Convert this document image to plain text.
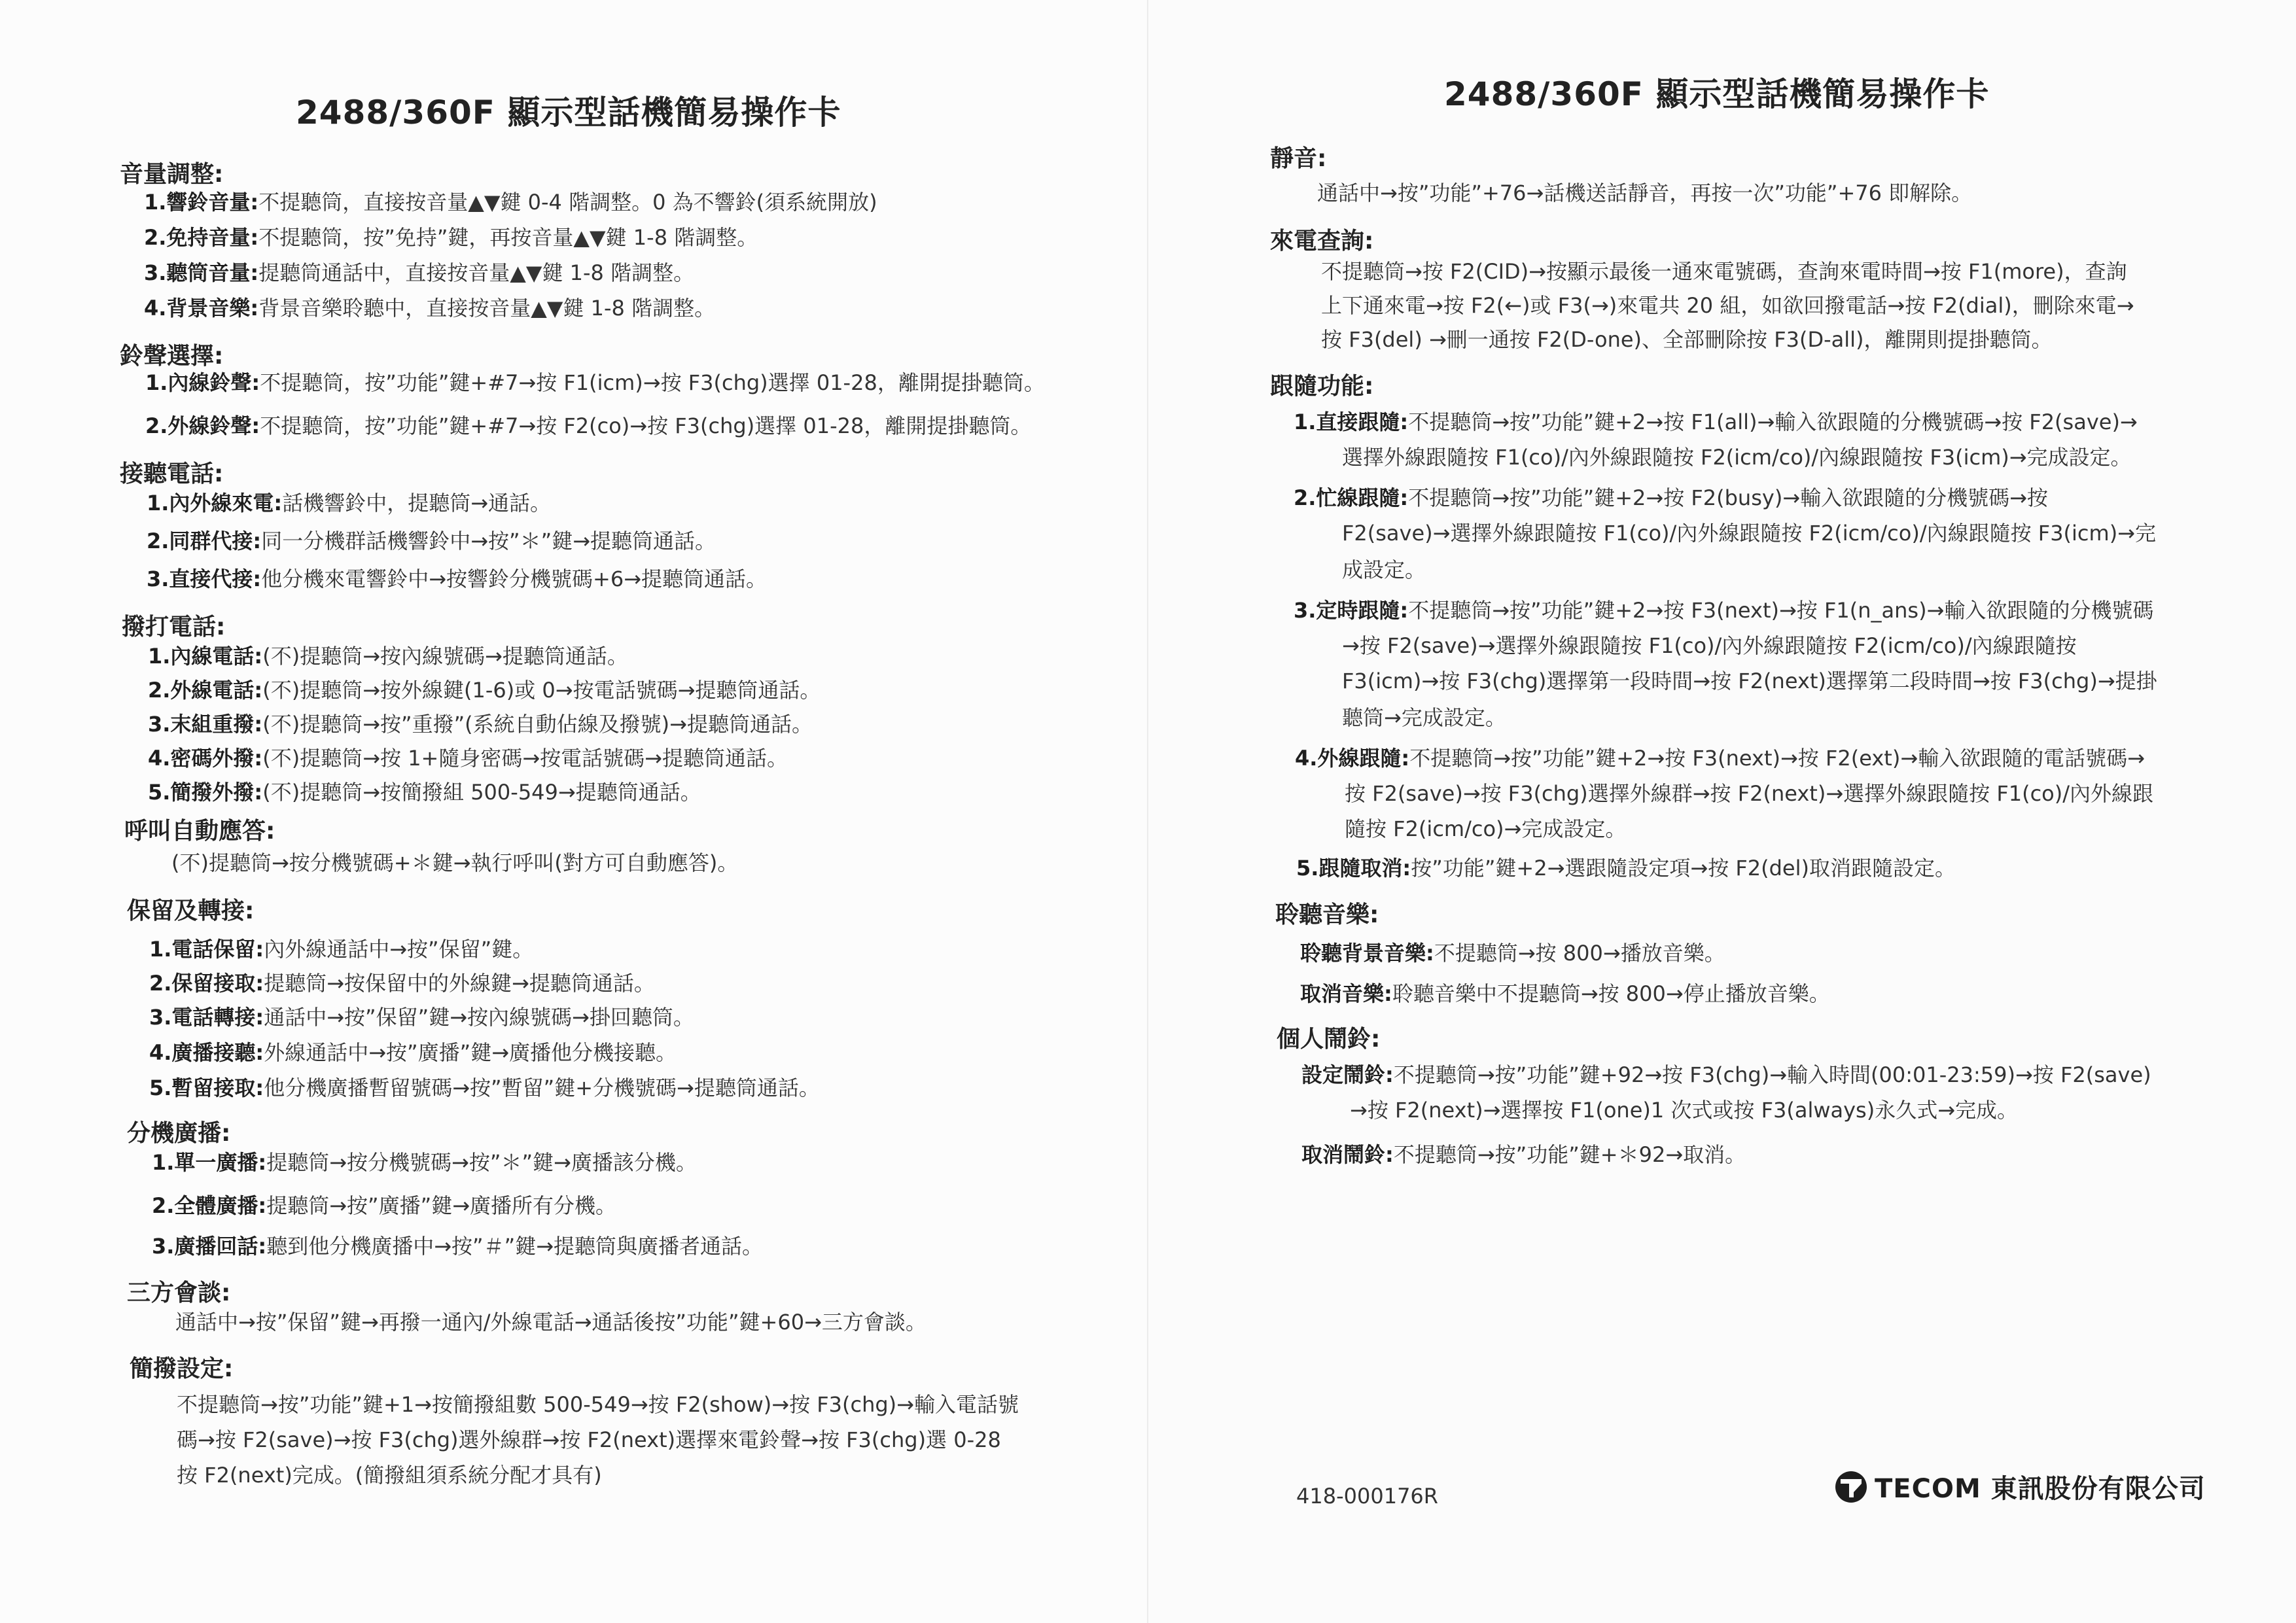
2488/360F 顯示型話機簡易操作卡
音量調整:
1.響鈴音量:不提聽筒，直接按音量▲▼鍵 0-4 階調整。0 為不響鈴(須系統開放)
2.免持音量:不提聽筒，按”免持”鍵，再按音量▲▼鍵 1-8 階調整。
3.聽筒音量:提聽筒通話中，直接按音量▲▼鍵 1-8 階調整。
4.背景音樂:背景音樂聆聽中，直接按音量▲▼鍵 1-8 階調整。
鈴聲選擇:
1.內線鈴聲:不提聽筒，按”功能”鍵+#7→按 F1(icm)→按 F3(chg)選擇 01-28，離開提掛聽筒。
2.外線鈴聲:不提聽筒，按”功能”鍵+#7→按 F2(co)→按 F3(chg)選擇 01-28，離開提掛聽筒。
接聽電話:
1.內外線來電:話機響鈴中，提聽筒→通話。
2.同群代接:同一分機群話機響鈴中→按”＊”鍵→提聽筒通話。
3.直接代接:他分機來電響鈴中→按響鈴分機號碼+6→提聽筒通話。
撥打電話:
1.內線電話:(不)提聽筒→按內線號碼→提聽筒通話。
2.外線電話:(不)提聽筒→按外線鍵(1-6)或 0→按電話號碼→提聽筒通話。
3.末組重撥:(不)提聽筒→按”重撥”(系統自動佔線及撥號)→提聽筒通話。
4.密碼外撥:(不)提聽筒→按 1+隨身密碼→按電話號碼→提聽筒通話。
5.簡撥外撥:(不)提聽筒→按簡撥組 500-549→提聽筒通話。
呼叫自動應答:
(不)提聽筒→按分機號碼+＊鍵→執行呼叫(對方可自動應答)。
保留及轉接:
1.電話保留:內外線通話中→按”保留”鍵。
2.保留接取:提聽筒→按保留中的外線鍵→提聽筒通話。
3.電話轉接:通話中→按”保留”鍵→按內線號碼→掛回聽筒。
4.廣播接聽:外線通話中→按”廣播”鍵→廣播他分機接聽。
5.暫留接取:他分機廣播暫留號碼→按”暫留”鍵+分機號碼→提聽筒通話。
分機廣播:
1.單一廣播:提聽筒→按分機號碼→按”＊”鍵→廣播該分機。
2.全體廣播:提聽筒→按”廣播”鍵→廣播所有分機。
3.廣播回話:聽到他分機廣播中→按”＃”鍵→提聽筒與廣播者通話。
三方會談:
通話中→按”保留”鍵→再撥一通內/外線電話→通話後按”功能”鍵+60→三方會談。
簡撥設定:
不提聽筒→按”功能”鍵+1→按簡撥組數 500-549→按 F2(show)→按 F3(chg)→輸入電話號
碼→按 F2(save)→按 F3(chg)選外線群→按 F2(next)選擇來電鈴聲→按 F3(chg)選 0-28
按 F2(next)完成。(簡撥組須系統分配才具有)
2488/360F 顯示型話機簡易操作卡
靜音:
通話中→按”功能”+76→話機送話靜音，再按一次”功能”+76 即解除。
來電查詢:
不提聽筒→按 F2(CID)→按顯示最後一通來電號碼，查詢來電時間→按 F1(more)，查詢
上下通來電→按 F2(←)或 F3(→)來電共 20 組，如欲回撥電話→按 F2(dial)，刪除來電→
按 F3(del) →刪一通按 F2(D-one)、全部刪除按 F3(D-all)，離開則提掛聽筒。
跟隨功能:
1.直接跟隨:不提聽筒→按”功能”鍵+2→按 F1(all)→輸入欲跟隨的分機號碼→按 F2(save)→
選擇外線跟隨按 F1(co)/內外線跟隨按 F2(icm/co)/內線跟隨按 F3(icm)→完成設定。
2.忙線跟隨:不提聽筒→按”功能”鍵+2→按 F2(busy)→輸入欲跟隨的分機號碼→按
F2(save)→選擇外線跟隨按 F1(co)/內外線跟隨按 F2(icm/co)/內線跟隨按 F3(icm)→完
成設定。
3.定時跟隨:不提聽筒→按”功能”鍵+2→按 F3(next)→按 F1(n_ans)→輸入欲跟隨的分機號碼
→按 F2(save)→選擇外線跟隨按 F1(co)/內外線跟隨按 F2(icm/co)/內線跟隨按
F3(icm)→按 F3(chg)選擇第一段時間→按 F2(next)選擇第二段時間→按 F3(chg)→提掛
聽筒→完成設定。
4.外線跟隨:不提聽筒→按”功能”鍵+2→按 F3(next)→按 F2(ext)→輸入欲跟隨的電話號碼→
按 F2(save)→按 F3(chg)選擇外線群→按 F2(next)→選擇外線跟隨按 F1(co)/內外線跟
隨按 F2(icm/co)→完成設定。
5.跟隨取消:按”功能”鍵+2→選跟隨設定項→按 F2(del)取消跟隨設定。
聆聽音樂:
聆聽背景音樂:不提聽筒→按 800→播放音樂。
取消音樂:聆聽音樂中不提聽筒→按 800→停止播放音樂。
個人鬧鈴:
設定鬧鈴:不提聽筒→按”功能”鍵+92→按 F3(chg)→輸入時間(00:01-23:59)→按 F2(save)
→按 F2(next)→選擇按 F1(one)1 次式或按 F3(always)永久式→完成。
取消鬧鈴:不提聽筒→按”功能”鍵+＊92→取消。
418-000176R	TECOM 東訊股份有限公司
